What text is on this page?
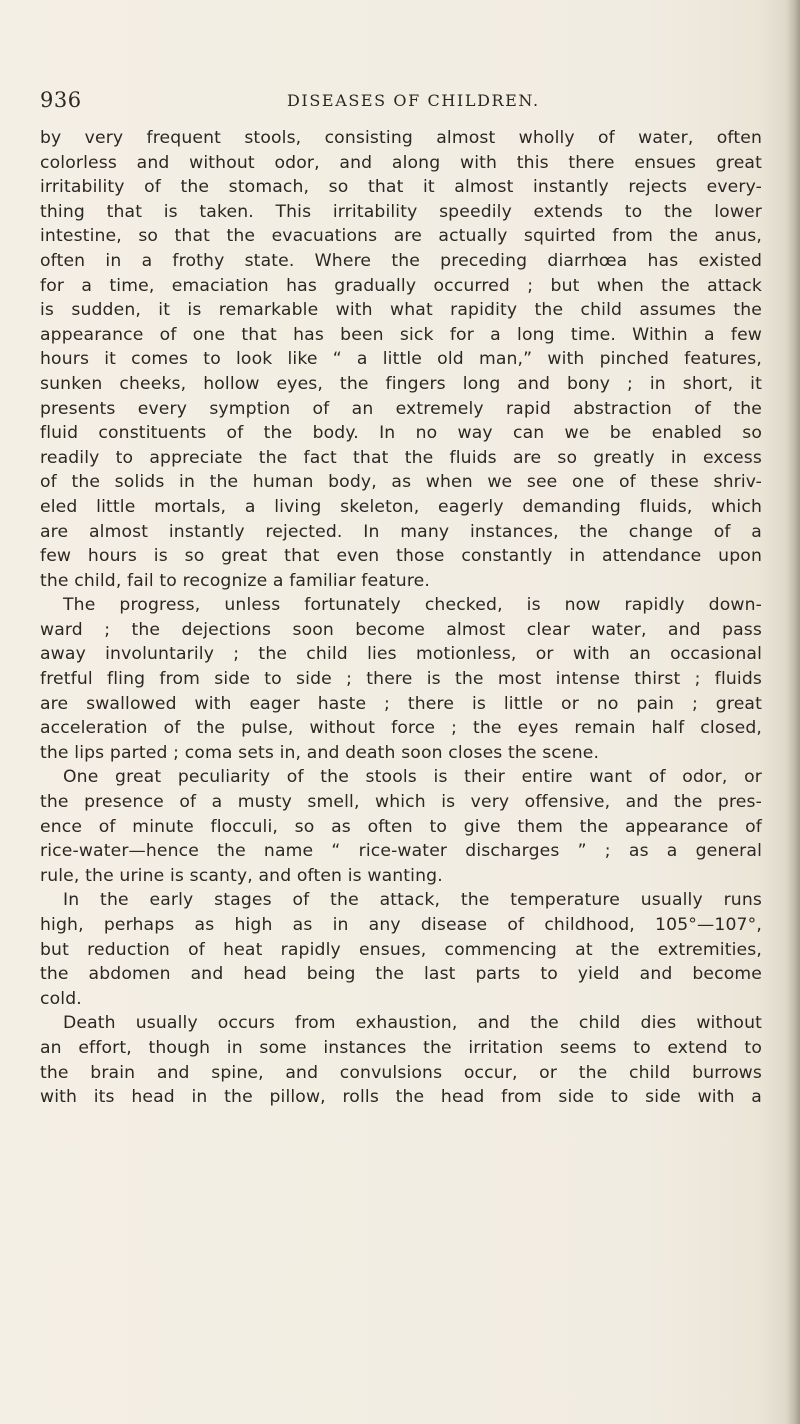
936	DISEASES OF CHILDREN.
by very frequent stools, consisting almost wholly of water, often
colorless and without odor, and along with this there ensues great
irritability of the stomach, so that it almost instantly rejects every-
thing that is taken. This irritability speedily extends to the lower
intestine, so that the evacuations are actually squirted from the anus,
often in a frothy state. Where the preceding diarrhœa has existed
for a time, emaciation has gradually occurred ; but when the attack
is sudden, it is remarkable with what rapidity the child assumes the
appearance of one that has been sick for a long time. Within a few
hours it comes to look like “ a little old man,” with pinched features,
sunken cheeks, hollow eyes, the fingers long and bony ; in short, it
presents every symption of an extremely rapid abstraction of the
fluid constituents of the body. In no way can we be enabled so
readily to appreciate the fact that the fluids are so greatly in excess
of the solids in the human body, as when we see one of these shriv-
eled little mortals, a living skeleton, eagerly demanding fluids, which
are almost instantly rejected. In many instances, the change of a
few hours is so great that even those constantly in attendance upon
the child, fail to recognize a familiar feature.
The progress, unless fortunately checked, is now rapidly down-
ward ; the dejections soon become almost clear water, and pass
away involuntarily ; the child lies motionless, or with an occasional
fretful fling from side to side ; there is the most intense thirst ; fluids
are swallowed with eager haste ; there is little or no pain ; great
acceleration of the pulse, without force ; the eyes remain half closed,
the lips parted ; coma sets in, and death soon closes the scene.
One great peculiarity of the stools is their entire want of odor, or
the presence of a musty smell, which is very offensive, and the pres-
ence of minute flocculi, so as often to give them the appearance of
rice-water—hence the name “ rice-water discharges ” ; as a general
rule, the urine is scanty, and often is wanting.
In the early stages of the attack, the temperature usually runs
high, perhaps as high as in any disease of childhood, 105°—107°,
but reduction of heat rapidly ensues, commencing at the extremities,
the abdomen and head being the last parts to yield and become
cold.
Death usually occurs from exhaustion, and the child dies without
an effort, though in some instances the irritation seems to extend to
the brain and spine, and convulsions occur, or the child burrows
with its head in the pillow, rolls the head from side to side with a
